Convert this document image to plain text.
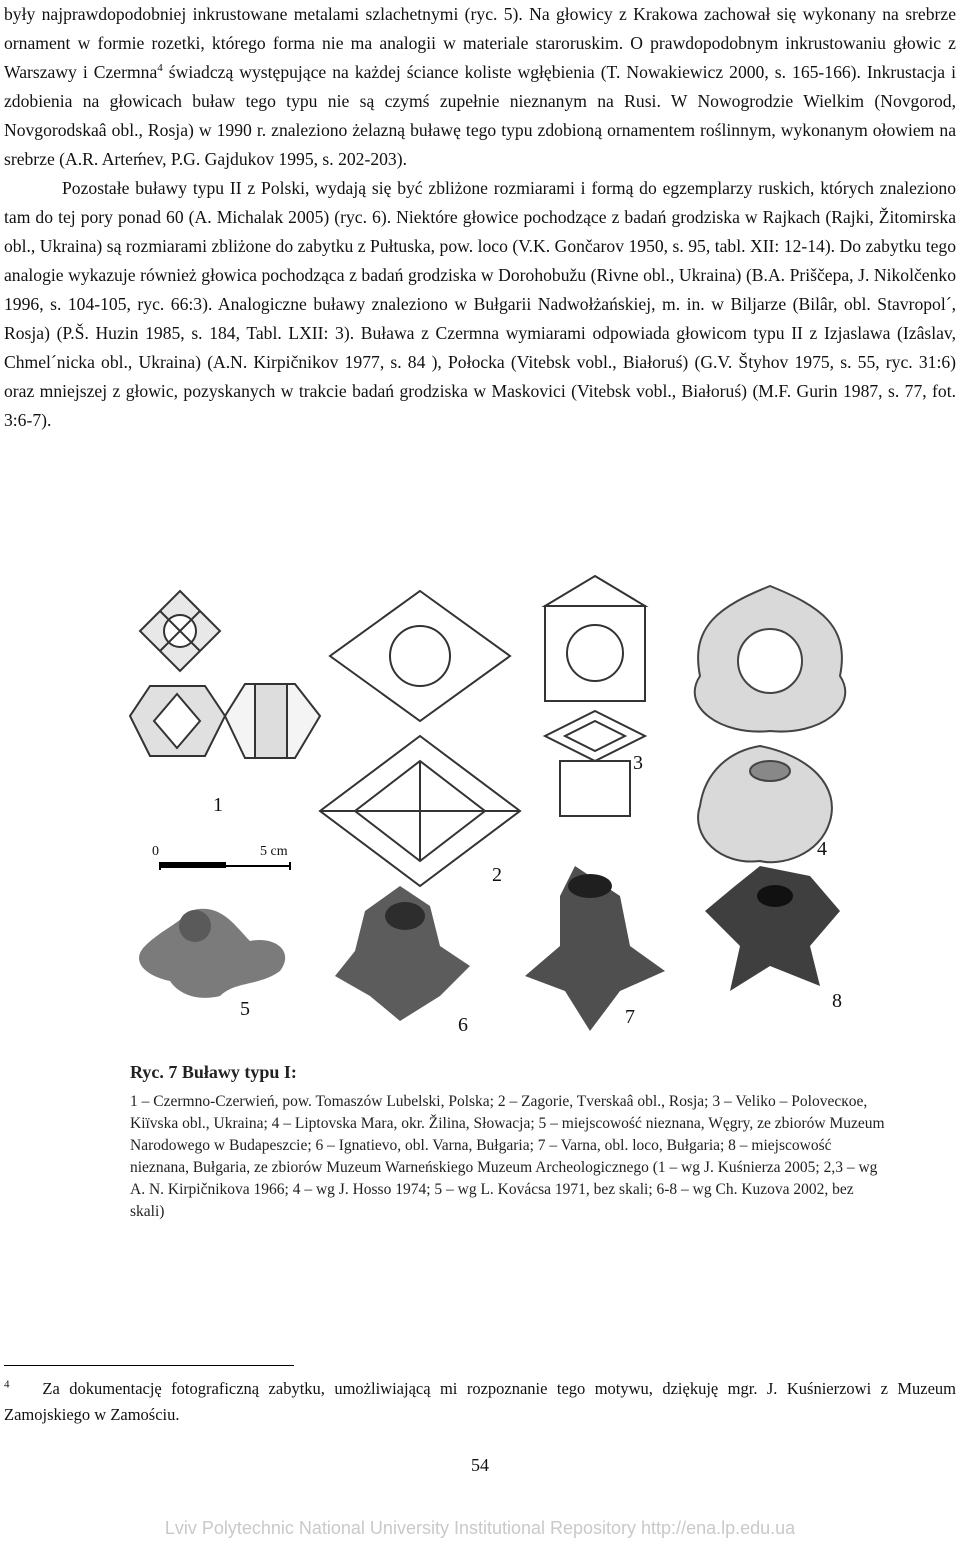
były najprawdopodobniej inkrustowane metalami szlachetnymi (ryc. 5). Na głowicy z Krakowa zachował się wykonany na srebrze ornament w formie rozetki, którego forma nie ma analogii w materiale staroruskim. O prawdopodobnym inkrustowaniu głowic z Warszawy i Czermna$^4$ świadczą występujące na każdej ściance koliste wgłębienia (T. Nowakiewicz 2000, s. 165-166). Inkrustacja i zdobienia na głowicach buław tego typu nie są czymś zupełnie nieznanym na Rusi. W Nowogrodzie Wielkim (Novgorod, Novgorodskaâ obl., Rosja) w 1990 r. znaleziono żelazną buławę tego typu zdobioną ornamentem roślinnym, wykonanym ołowiem na srebrze (A.R. Arteḿev, P.G. Gajdukov 1995, s. 202-203).

Pozostałe buławy typu II z Polski, wydają się być zbliżone rozmiarami i formą do egzemplarzy ruskich, których znaleziono tam do tej pory ponad 60 (A. Michalak 2005) (ryc. 6). Niektóre głowice pochodzące z badań grodziska w Rajkach (Rajki, Žitomirska obl., Ukraina) są rozmiarami zbliżone do zabytku z Pułtuska, pow. loco (V.K. Gončarov 1950, s. 95, tabl. XII: 12-14). Do zabytku tego analogie wykazuje również głowica pochodząca z badań grodziska w Dorohobužu (Rivne obl., Ukraina) (B.A. Priščepa, J. Nikolčenko 1996, s. 104-105, ryc. 66:3). Analogiczne buławy znaleziono w Bułgarii Nadwołżańskiej, m. in. w Biljarze (Bilâr, obl. Stavropol´, Rosja) (P.Š. Huzin 1985, s. 184, Tabl. LXII: 3). Buława z Czermna wymiarami odpowiada głowicom typu II z Izjaslawa (Izâslav, Chmel´nicka obl., Ukraina) (A.N. Kirpičnikov 1977, s. 84 ), Połocka (Vitebsk vobl., Białoruś) (G.V. Štyhov 1975, s. 55, ryc. 31:6) oraz mniejszej z głowic, pozyskanych w trakcie badań grodziska w Maskovici (Vitebsk vobl., Białoruś) (M.F. Gurin 1987, s. 77, fot. 3:6-7).

1
2
3
4
5
6	7
8
0	5 cm
Ryc. 7 Buławy typu I:
1 – Czermno-Czerwień, pow. Tomaszów Lubelski, Polska; 2 – Zagorie, Tverskaâ obl., Rosja; 3 – Veliko – Polovecкoe, Kiïvska obl., Ukraina; 4 – Liptovska Mara, okr. Žilina, Słowacja; 5 – miejscowość nieznana, Węgry, ze zbiorów Muzeum Narodowego w Budapeszcie; 6 – Ignatievo, obl. Varna, Bułgaria; 7 – Varna, obl. loco, Bułgaria; 8 – miejscowość nieznana, Bułgaria, ze zbiorów Muzeum Warneńskiego Muzeum Archeologicznego (1 – wg J. Kuśnierza 2005; 2,3 – wg A. N. Kirpičnikova 1966; 4 – wg J. Hosso 1974; 5 – wg L. Kovácsa 1971, bez skali; 6-8 – wg Ch. Kuzova 2002, bez skali)
$^4$ Za dokumentację fotograficzną zabytku, umożliwiającą mi rozpoznanie tego motywu, dziękuję mgr. J. Kuśnierzowi z Muzeum Zamojskiego w Zamościu.
54
Lviv Polytechnic National University Institutional Repository http://ena.lp.edu.ua
